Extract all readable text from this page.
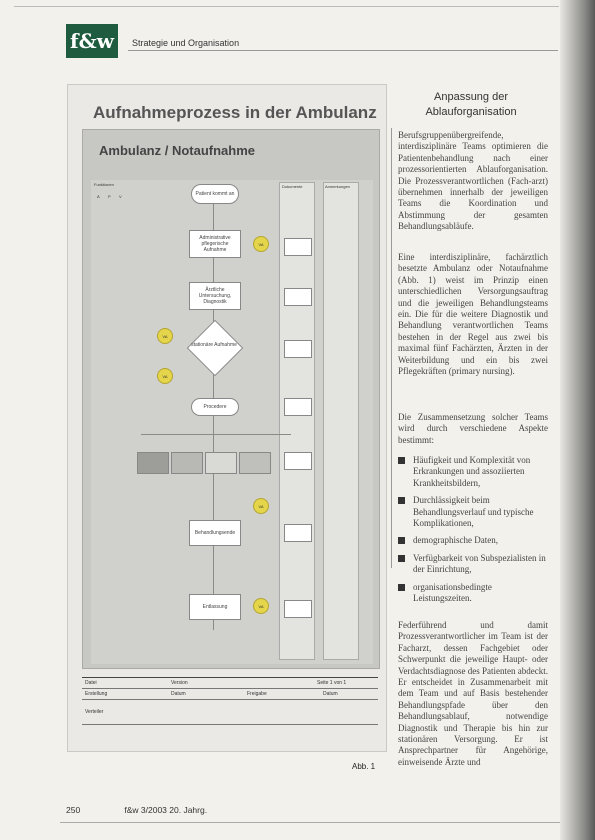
f&w	Strategie und Organisation
Aufnahmeprozess in der Ambulanz
Ambulanz / Notaufnahme
Funktionen
Ä P V
Dokumente	Anmerkungen
Patient kommt an
Administrative pflegerische Aufnahme
VA
Ärztliche Untersuchung, Diagnostik
VA
stationäre Aufnahme
VA
Procedere
VA
Behandlungsende
Entlassung	VA
Datei	Version	Seite 1 von 1
Erstellung	Datum	Freigabe	Datum
Verteiler
Abb. 1
Anpassung der Ablauforganisation
Berufsgruppenübergreifende, interdisziplinäre Teams optimieren die Patientenbehandlung nach einer prozessorientierten Ablauforganisation. Die Prozessverantwortlichen (Fach-arzt) übernehmen innerhalb der jeweiligen Teams die Koordination und Abstimmung der gesamten Behandlungsabläufe.
Eine interdisziplinäre, fachärztlich besetzte Ambulanz oder Notaufnahme (Abb. 1) weist im Prinzip einen unterschiedlichen Versorgungsauftrag und die jeweiligen Behandlungsteams ein. Die für die weitere Diagnostik und Behandlung verantwortlichen Teams bestehen in der Regel aus zwei bis maximal fünf Fachärzten, Ärzten in der Weiterbildung und ein bis zwei Pflegekräften (primary nursing).
Die Zusammensetzung solcher Teams wird durch verschiedene Aspekte bestimmt:
Häufigkeit und Komplexität von Erkrankungen und assoziierten Krankheitsbildern,
Durchlässigkeit beim Behandlungsverlauf und typische Komplikationen,
demographische Daten,
Verfügbarkeit von Subspezialisten in der Einrichtung,
organisationsbedingte Leistungszeiten.
Federführend und damit Prozessverantwortlicher im Team ist der Facharzt, dessen Fachgebiet oder Schwerpunkt die jeweilige Haupt- oder Verdachtsdiagnose des Patienten abdeckt. Er entscheidet in Zusammenarbeit mit dem Team und auf Basis bestehender Behandlungspfade über den Behandlungsablauf, notwendige Diagnostik und Therapie bis hin zur stationären Versorgung. Er ist Ansprechpartner für Angehörige, einweisende Ärzte und
250	f&w 3/2003 20. Jahrg.
